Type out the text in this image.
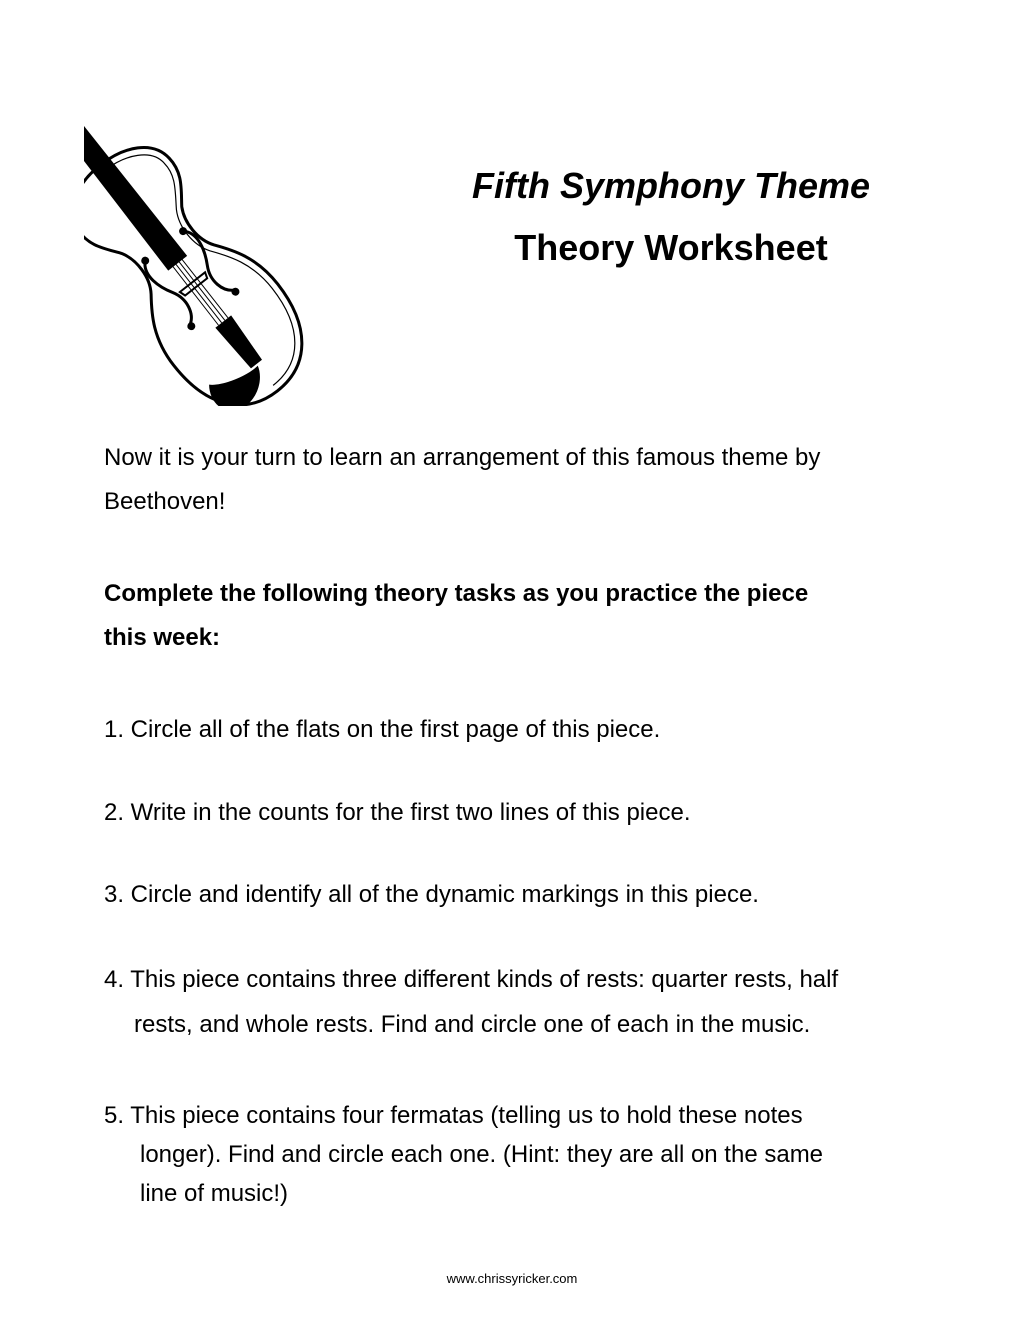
Fifth Symphony Theme
Theory Worksheet

Now it is your turn to learn an arrangement of this famous theme by
Beethoven!

Complete the following theory tasks as you practice the piece
this week:

1. Circle all of the flats on the first page of this piece.

2. Write in the counts for the first two lines of this piece.

3. Circle and identify all of the dynamic markings in this piece.

4. This piece contains three different kinds of rests: quarter rests, half
rests, and whole rests. Find and circle one of each in the music.

5. This piece contains four fermatas (telling us to hold these notes
longer). Find and circle each one. (Hint: they are all on the same
line of music!)

www.chrissyricker.com
